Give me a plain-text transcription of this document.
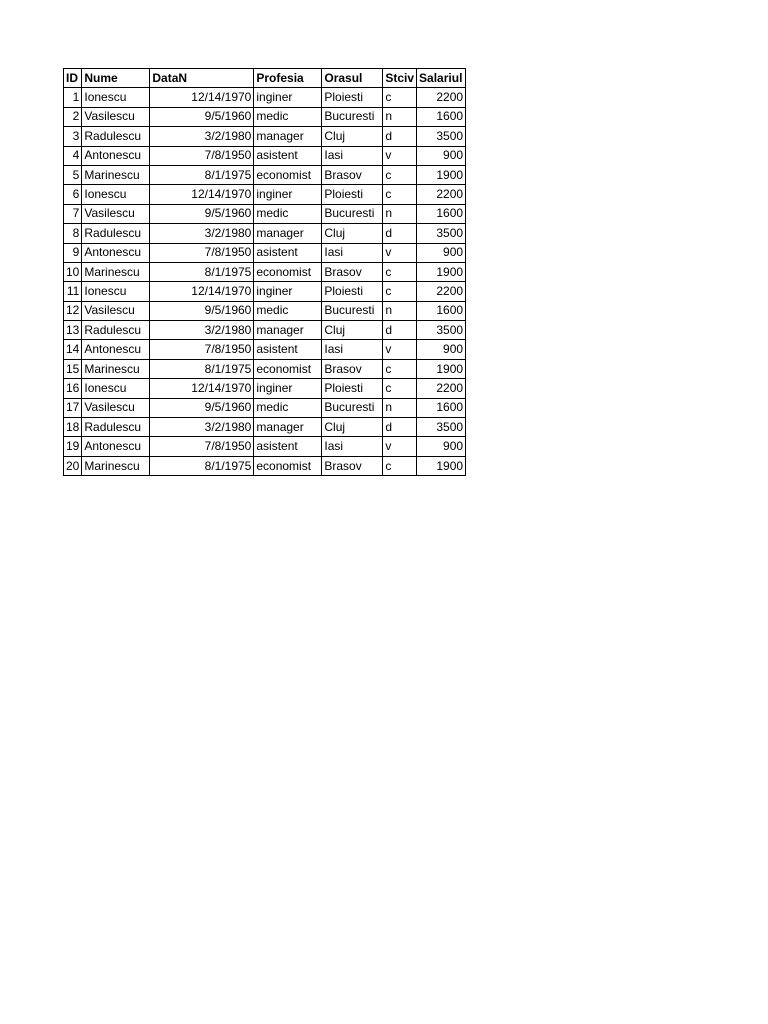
ID	Nume	DataN	Profesia	Orasul	Stciv	Salariul
1	Ionescu	12/14/1970	inginer	Ploiesti	c	2200
2	Vasilescu	9/5/1960	medic	Bucuresti	n	1600
3	Radulescu	3/2/1980	manager	Cluj	d	3500
4	Antonescu	7/8/1950	asistent	Iasi	v	900
5	Marinescu	8/1/1975	economist	Brasov	c	1900
6	Ionescu	12/14/1970	inginer	Ploiesti	c	2200
7	Vasilescu	9/5/1960	medic	Bucuresti	n	1600
8	Radulescu	3/2/1980	manager	Cluj	d	3500
9	Antonescu	7/8/1950	asistent	Iasi	v	900
10	Marinescu	8/1/1975	economist	Brasov	c	1900
11	Ionescu	12/14/1970	inginer	Ploiesti	c	2200
12	Vasilescu	9/5/1960	medic	Bucuresti	n	1600
13	Radulescu	3/2/1980	manager	Cluj	d	3500
14	Antonescu	7/8/1950	asistent	Iasi	v	900
15	Marinescu	8/1/1975	economist	Brasov	c	1900
16	Ionescu	12/14/1970	inginer	Ploiesti	c	2200
17	Vasilescu	9/5/1960	medic	Bucuresti	n	1600
18	Radulescu	3/2/1980	manager	Cluj	d	3500
19	Antonescu	7/8/1950	asistent	Iasi	v	900
20	Marinescu	8/1/1975	economist	Brasov	c	1900
